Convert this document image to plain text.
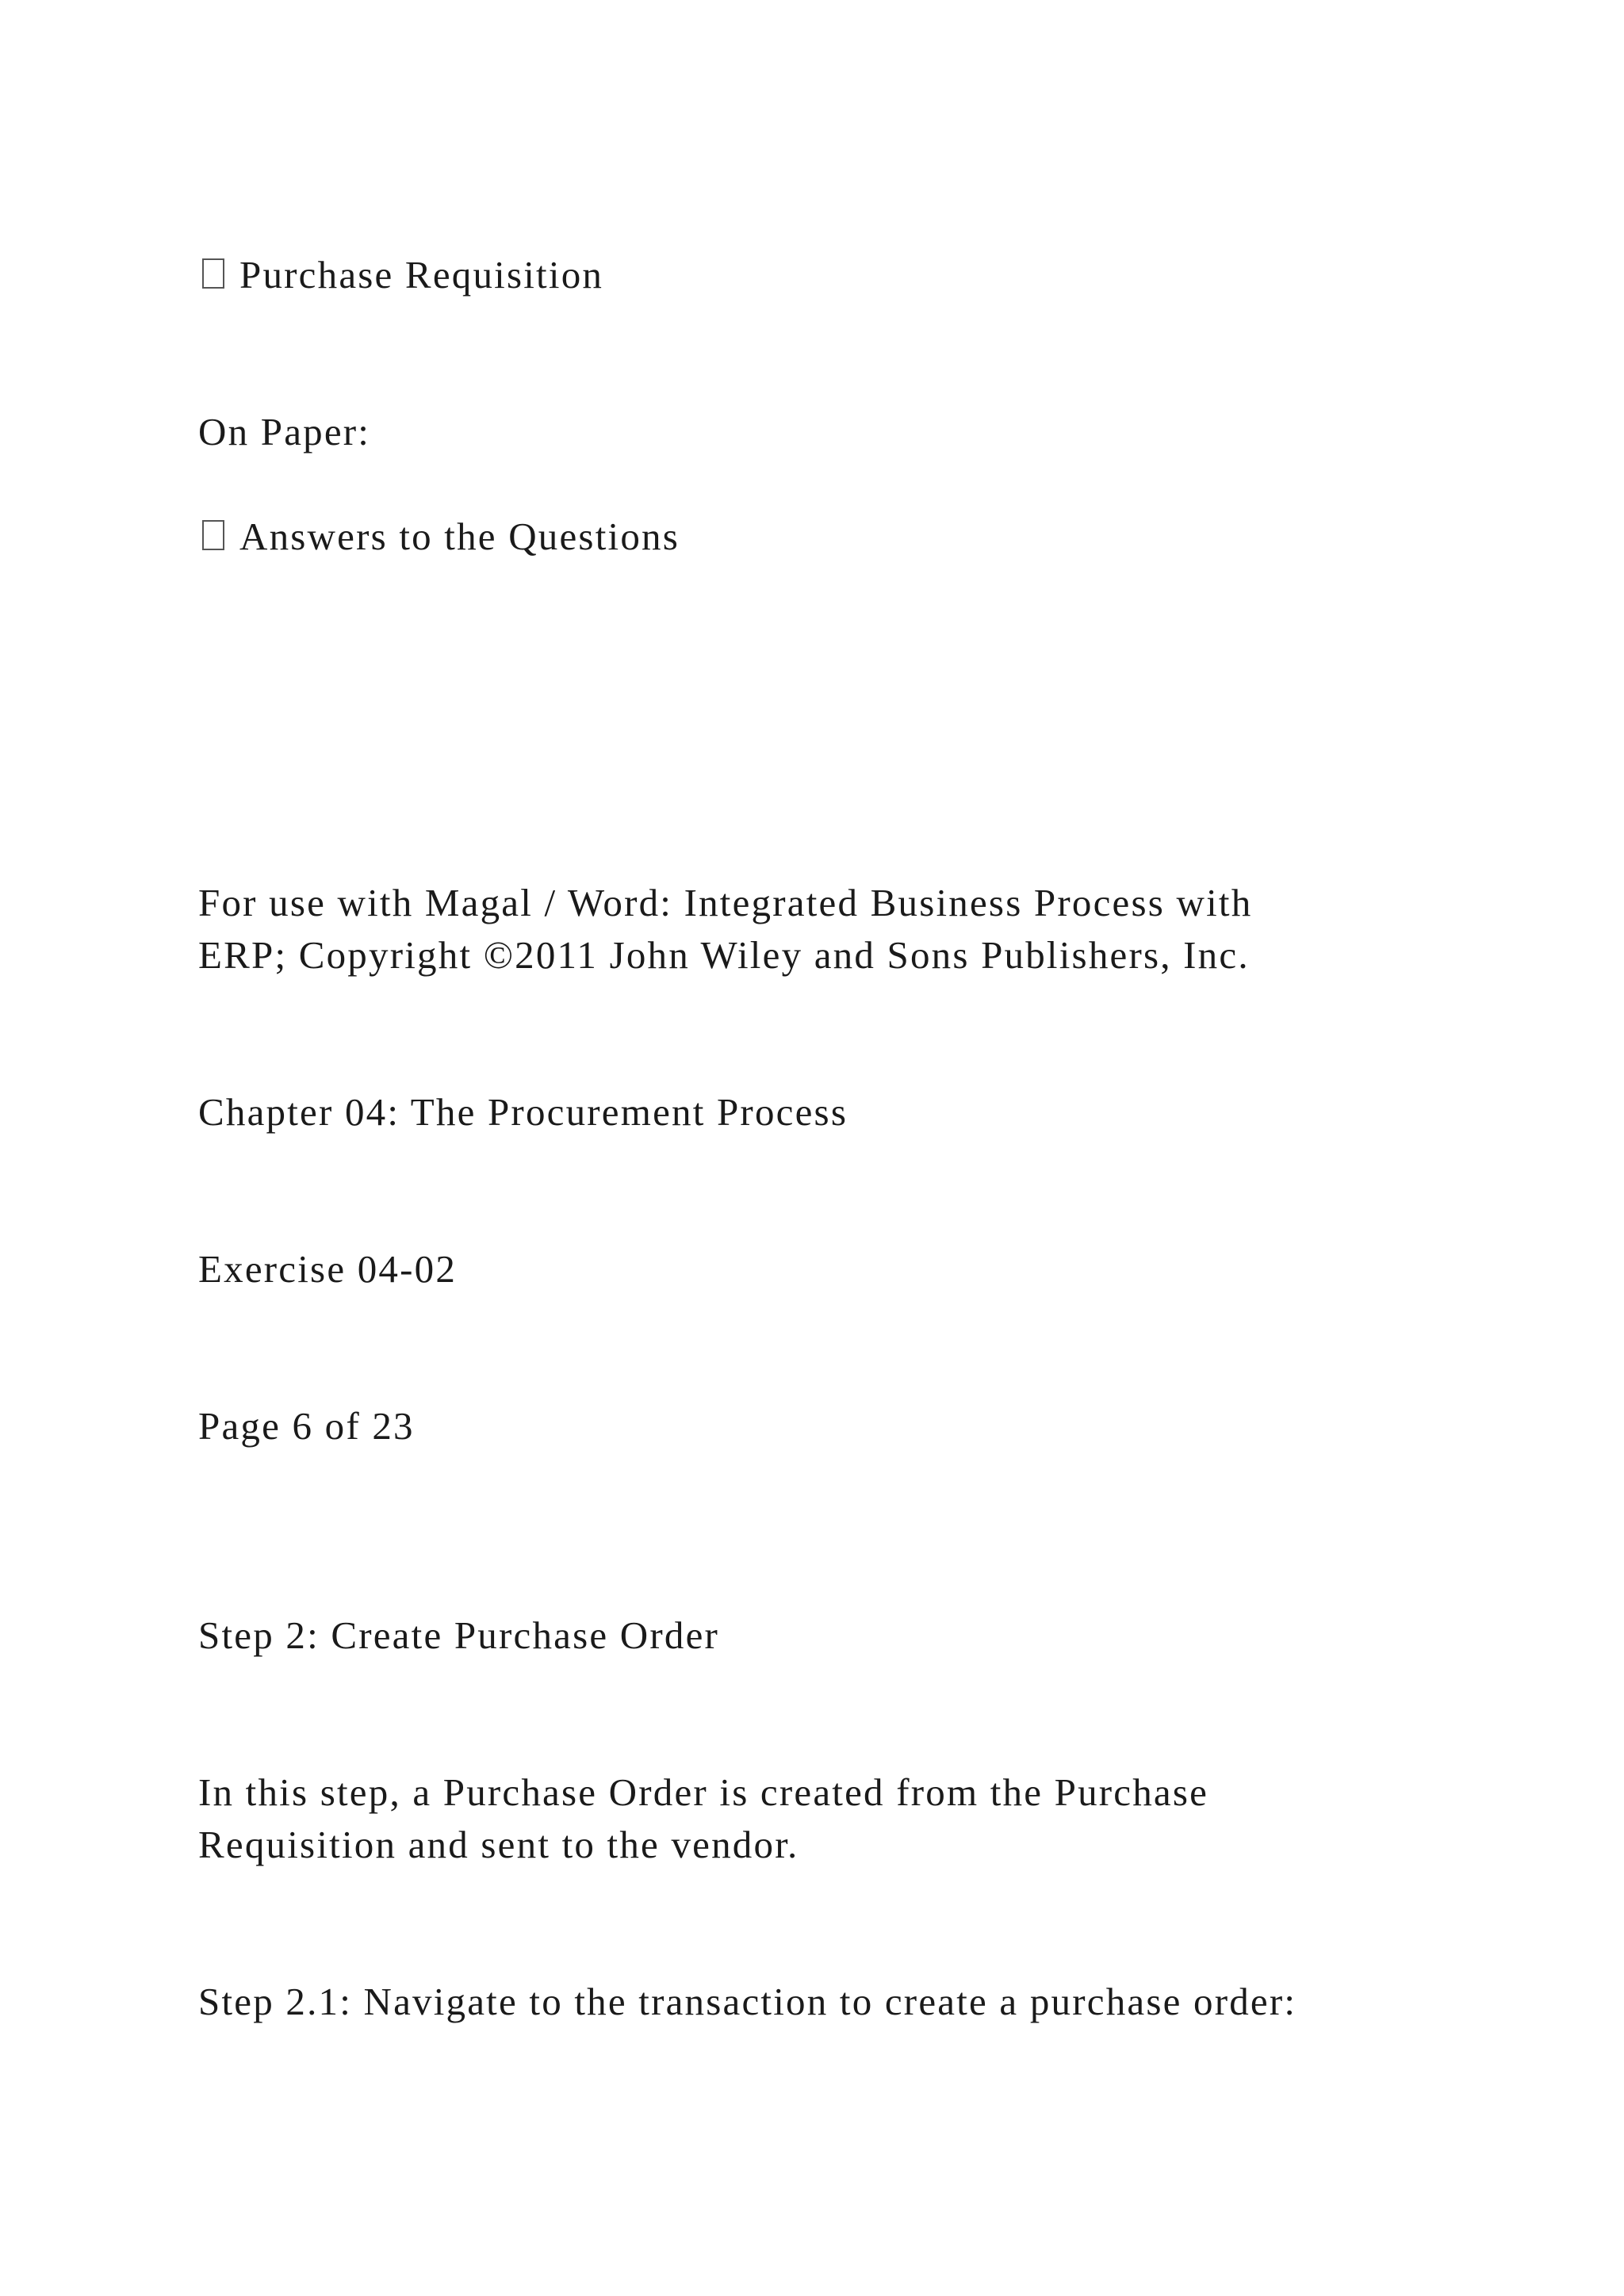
Purchase Requisition

On Paper:

Answers to the Questions

For use with Magal / Word: Integrated Business Process with

ERP; Copyright ©2011 John Wiley and Sons Publishers, Inc.

Chapter 04: The Procurement Process

Exercise 04-02

Page 6 of 23

Step 2: Create Purchase Order

In this step, a Purchase Order is created from the Purchase

Requisition and sent to the vendor.

Step 2.1: Navigate to the transaction to create a purchase order:
